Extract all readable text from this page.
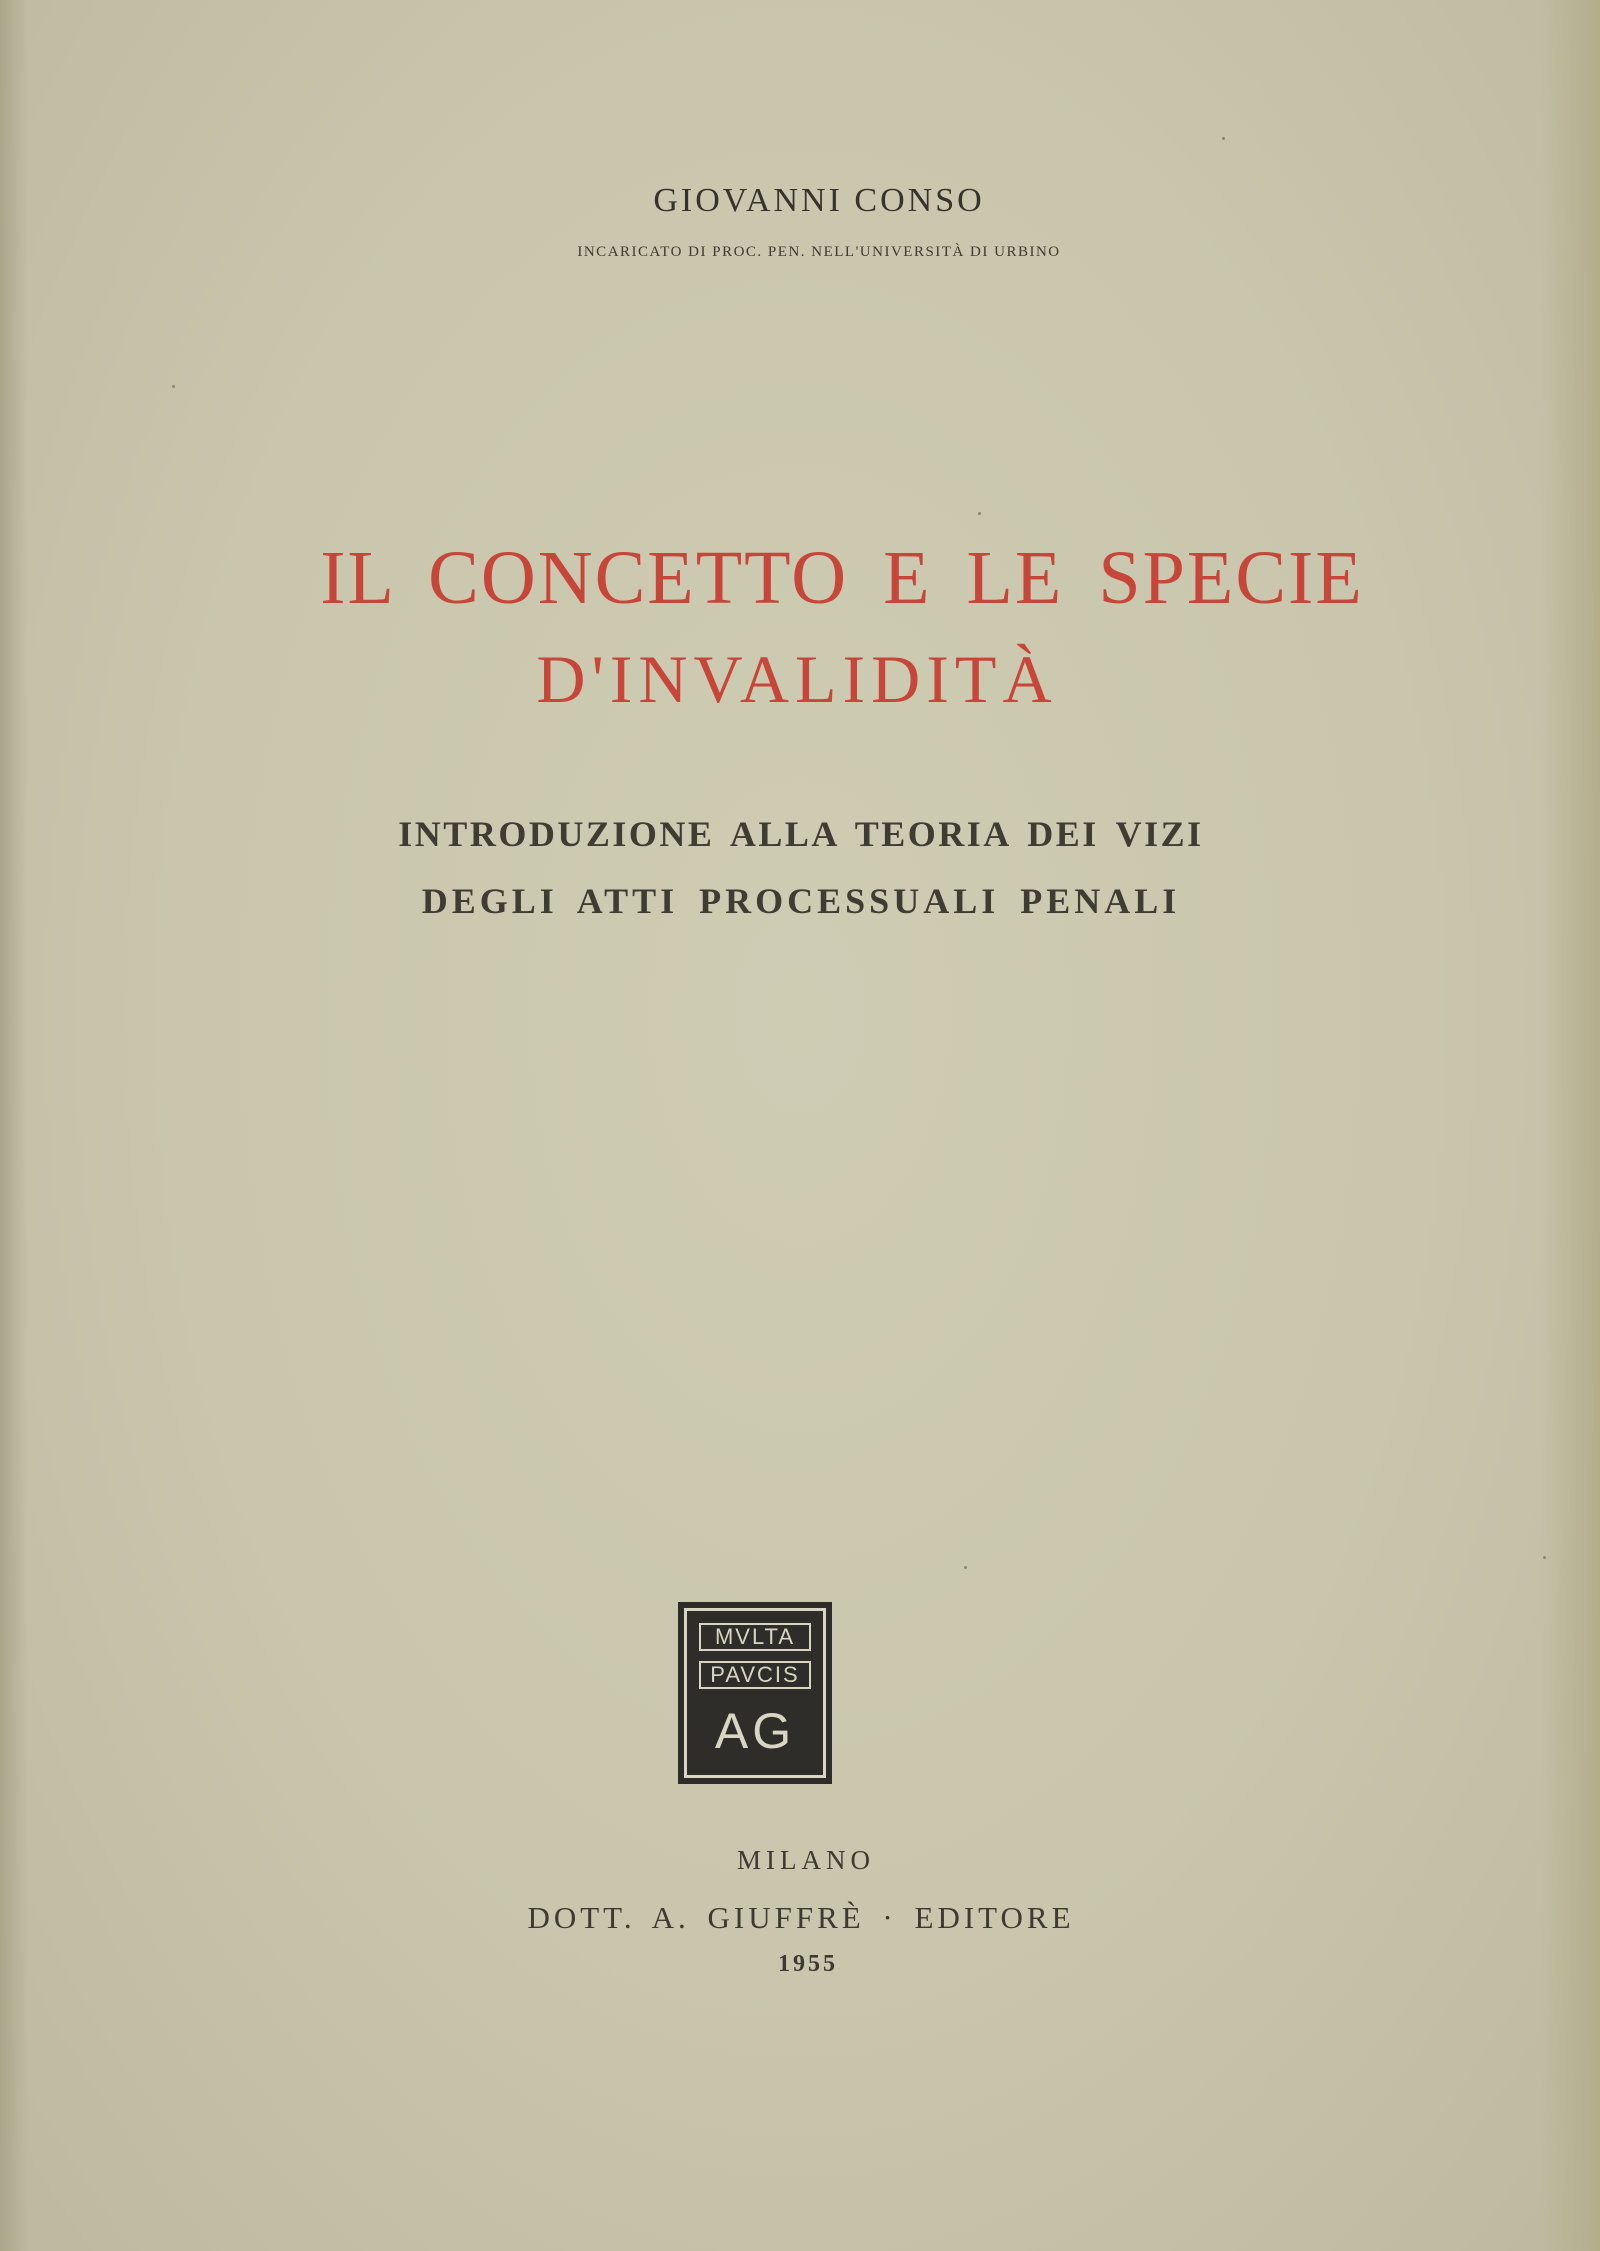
GIOVANNI CONSO
INCARICATO DI PROC. PEN. NELL'UNIVERSITÀ DI URBINO
IL CONCETTO E LE SPECIE
D'INVALIDITÀ
INTRODUZIONE ALLA TEORIA DEI VIZI
DEGLI ATTI PROCESSUALI PENALI
MVLTA
PAVCIS
AG
MILANO
DOTT. A. GIUFFRÈ · EDITORE
1955
